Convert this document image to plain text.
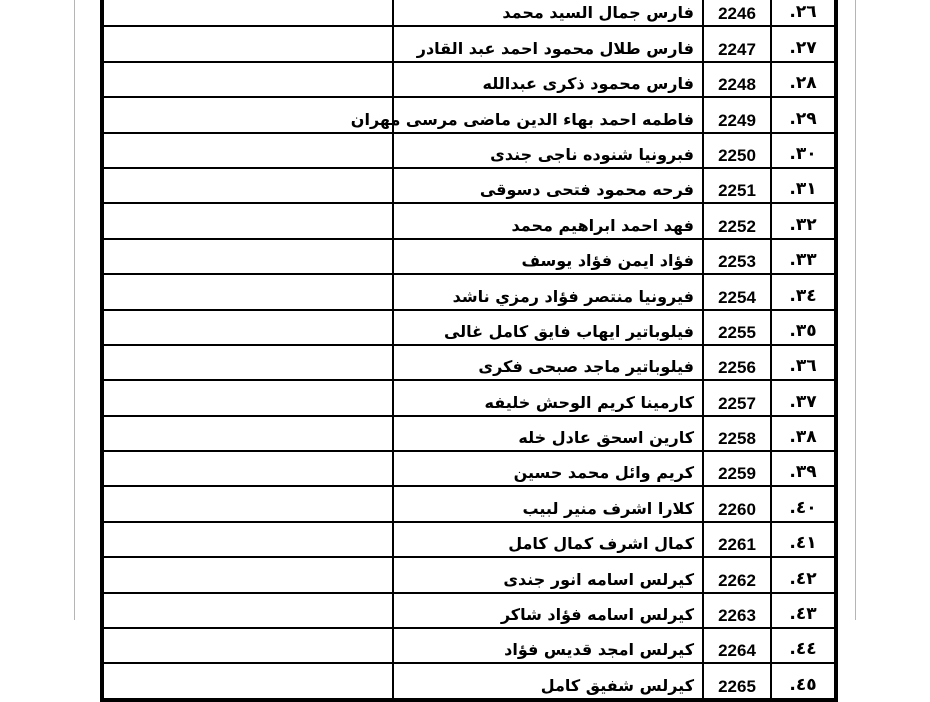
٢٦.	2246	فارس جمال السيد محمد	
٢٧.	2247	فارس طلال محمود احمد عبد القادر	
٢٨.	2248	فارس محمود ذكرى عبدالله	
٢٩.	2249	فاطمه احمد بهاء الدين ماضى مرسى مهران	
٣٠.	2250	فبرونيا شنوده ناجى جندى	
٣١.	2251	فرحه محمود فتحى دسوقى	
٣٢.	2252	فهد احمد ابراهيم محمد	
٣٣.	2253	فؤاد ايمن فؤاد يوسف	
٣٤.	2254	فيرونيا منتصر فؤاد رمزي ناشد	
٣٥.	2255	فيلوباتير ايهاب فايق كامل غالى	
٣٦.	2256	فيلوباتير ماجد صبحى فكرى	
٣٧.	2257	كارمينا كريم الوحش خليفه	
٣٨.	2258	كارين اسحق عادل خله	
٣٩.	2259	كريم وائل محمد حسين	
٤٠.	2260	كلارا اشرف منير لبيب	
٤١.	2261	كمال اشرف كمال كامل	
٤٢.	2262	كيرلس اسامه انور جندى	
٤٣.	2263	كيرلس اسامه فؤاد شاكر	
٤٤.	2264	كيرلس امجد قديس فؤاد	
٤٥.	2265	كيرلس شفيق كامل	
